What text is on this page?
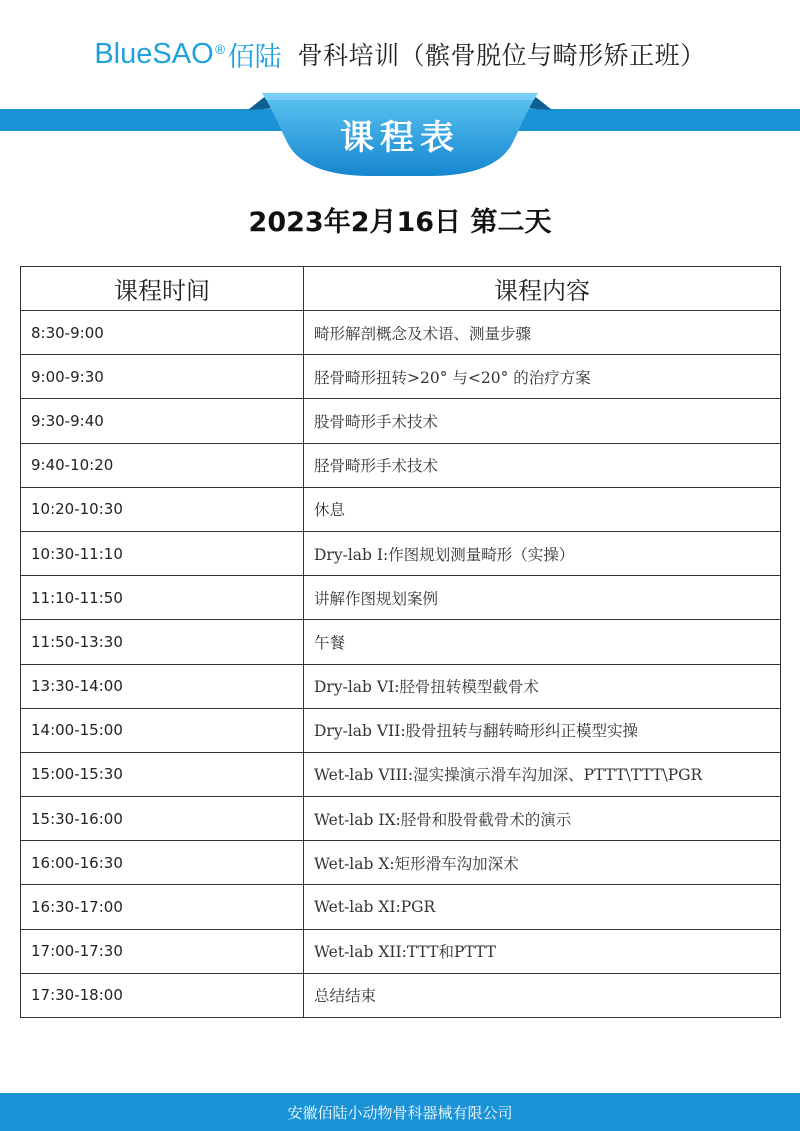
BlueSAO ® 佰陆 骨科培训（髌骨脱位与畸形矫正班）
课程表
2023年2月16日 第二天
课程时间	课程内容
8:30-9:00	畸形解剖概念及术语、测量步骤
9:00-9:30	胫骨畸形扭转>20° 与<20° 的治疗方案
9:30-9:40	股骨畸形手术技术
9:40-10:20	胫骨畸形手术技术
10:20-10:30	休息
10:30-11:10	Dry-lab I:作图规划测量畸形（实操）
11:10-11:50	讲解作图规划案例
11:50-13:30	午餐
13:30-14:00	Dry-lab VI:胫骨扭转模型截骨术
14:00-15:00	Dry-lab VII:股骨扭转与翻转畸形纠正模型实操
15:00-15:30	Wet-lab VIII:湿实操演示滑车沟加深、PTTT\TTT\PGR
15:30-16:00	Wet-lab IX:胫骨和股骨截骨术的演示
16:00-16:30	Wet-lab X:矩形滑车沟加深术
16:30-17:00	Wet-lab XI:PGR
17:00-17:30	Wet-lab XII:TTT和PTTT
17:30-18:00	总结结束
安徽佰陆小动物骨科器械有限公司
